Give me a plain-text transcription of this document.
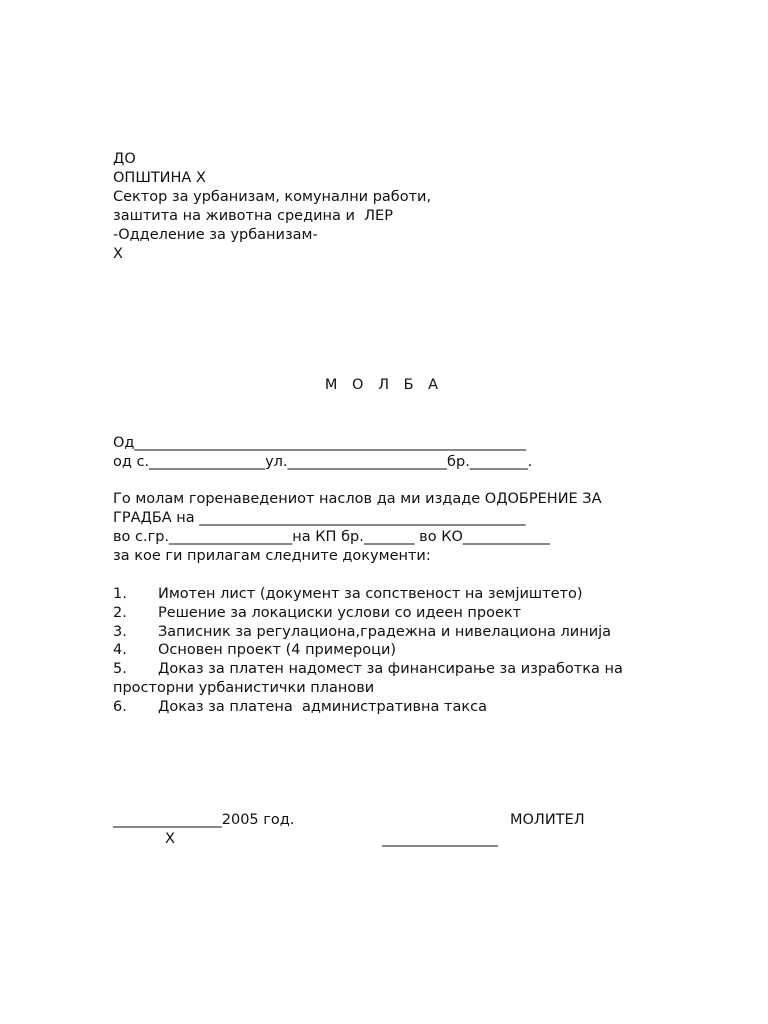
ДО

ОПШТИНА Х

Сектор за урбанизам, комунални работи,

заштита на животна средина и  ЛЕР

-Одделение за урбанизам-

Х

М О Л Б А

Од______________________________________________________

од с.________________ул.______________________бр.________.

Го молам горенаведениот наслов да ми издаде ОДОБРЕНИЕ ЗА

ГРАДБА на _____________________________________________

во с.гр._________________на КП бр._______ во КО____________

за кое ги прилагам следните документи:

1. Имотен лист (документ за сопственост на земјиштето)

2. Решение за локациски услови со идеен проект

3. Записник за регулациона,градежна и нивелациона линија

4. Основен проект (4 примероци)

5. Доказ за платен надомест за финансирање за изработка на

просторни урбанистички планови

6. Доказ за платена  административна такса

_______________2005 год.	МОЛИТЕЛ

Х	________________
